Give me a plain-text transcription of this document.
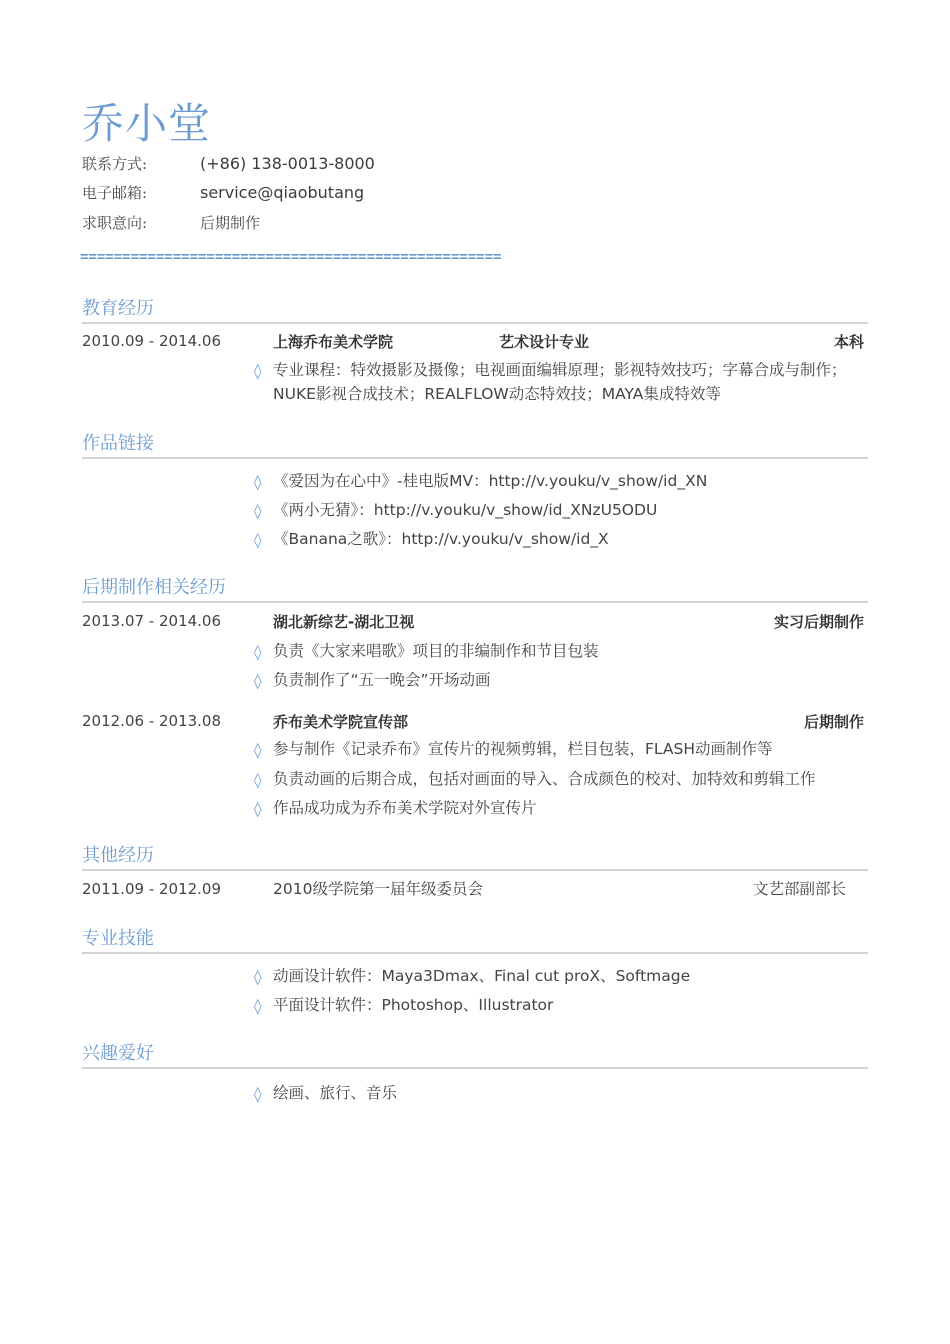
乔小堂
联系方式:	(+86) 138-0013-8000
电子邮箱:	service@qiaobutang
求职意向:	后期制作
==================================================
教育经历
2010.09 - 2014.06	上海乔布美术学院	艺术设计专业	本科
◊ 专业课程：特效摄影及摄像；电视画面编辑原理；影视特效技巧；字幕合成与制作；NUKE影视合成技术；REALFLOW动态特效技；MAYA集成特效等
作品链接
◊ 《爱因为在心中》-桂电版MV：http://v.youku/v_show/id_XN
◊ 《两小无猜》：http://v.youku/v_show/id_XNzU5ODU
◊ 《Banana之歌》：http://v.youku/v_show/id_X
后期制作相关经历
2013.07 - 2014.06	湖北新综艺-湖北卫视	实习后期制作
◊ 负责《大家来唱歌》项目的非编制作和节目包装
◊ 负责制作了“五一晚会”开场动画
2012.06 - 2013.08	乔布美术学院宣传部	后期制作
◊ 参与制作《记录乔布》宣传片的视频剪辑，栏目包装，FLASH动画制作等
◊ 负责动画的后期合成，包括对画面的导入、合成颜色的校对、加特效和剪辑工作
◊ 作品成功成为乔布美术学院对外宣传片
其他经历
2011.09 - 2012.09	2010级学院第一届年级委员会	文艺部副部长
专业技能
◊ 动画设计软件：Maya3Dmax、Final cut proX、Softmage
◊ 平面设计软件：Photoshop、Illustrator
兴趣爱好
◊ 绘画、旅行、音乐
